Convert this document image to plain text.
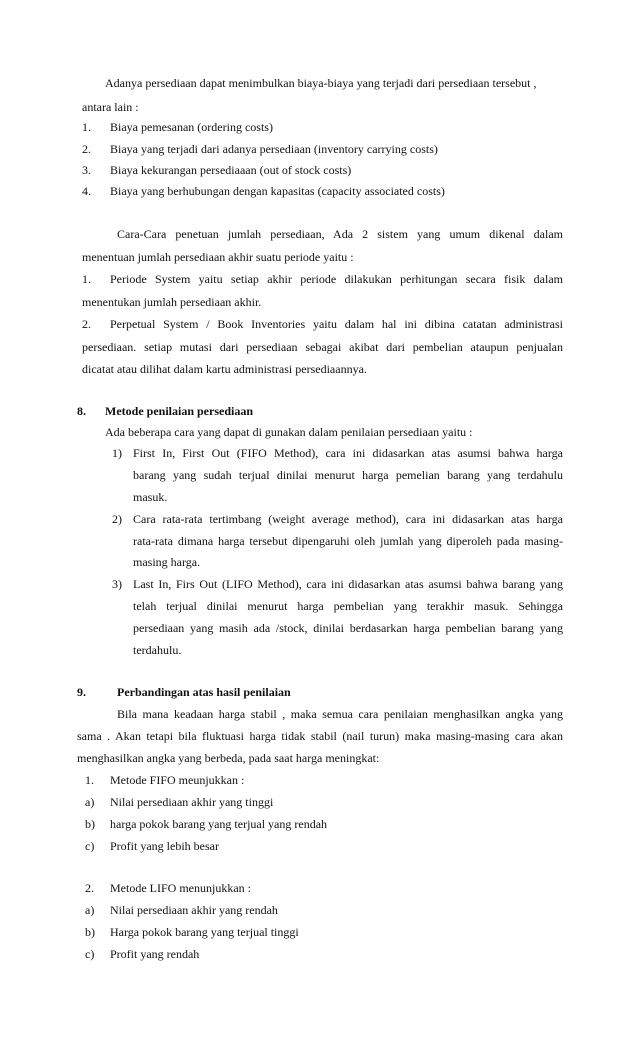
Adanya persediaan dapat menimbulkan biaya-biaya yang terjadi dari persediaan tersebut ,
antara lain :
1. Biaya pemesanan (ordering costs)
2. Biaya yang terjadi dari adanya persediaan (inventory carrying costs)
3. Biaya kekurangan persediaaan (out of stock costs)
4. Biaya yang berhubungan dengan kapasitas (capacity associated costs)
Cara-Cara penetuan jumlah persediaan, Ada 2 sistem yang umum dikenal dalam
menentuan jumlah persediaan akhir suatu periode yaitu :
1. Periode System yaitu setiap akhir periode dilakukan perhitungan secara fisik dalam
menentukan jumlah persediaan akhir.
2. Perpetual System / Book Inventories yaitu dalam hal ini dibina catatan administrasi
persediaan. setiap mutasi dari persediaan sebagai akibat dari pembelian ataupun penjualan
dicatat atau dilihat dalam kartu administrasi persediaannya.
8. Metode penilaian persediaan
Ada beberapa cara yang dapat di gunakan dalam penilaian persediaan yaitu :
1) First In, First Out (FIFO Method), cara ini didasarkan atas asumsi bahwa harga
barang yang sudah terjual dinilai menurut harga pemelian barang yang terdahulu
masuk.
2) Cara rata-rata tertimbang (weight average method), cara ini didasarkan atas harga
rata-rata dimana harga tersebut dipengaruhi oleh jumlah yang diperoleh pada masing-
masing harga.
3) Last In, Firs Out (LIFO Method), cara ini didasarkan atas asumsi bahwa barang yang
telah terjual dinilai menurut harga pembelian yang terakhir masuk. Sehingga
persediaan yang masih ada /stock, dinilai berdasarkan harga pembelian barang yang
terdahulu.
9.	Perbandingan atas hasil penilaian
Bila mana keadaan harga stabil , maka semua cara penilaian menghasilkan angka yang
sama . Akan tetapi bila fluktuasi harga tidak stabil (nail turun) maka masing-masing cara akan
menghasilkan angka yang berbeda, pada saat harga meningkat:
1. Metode FIFO meunjukkan :
a) Nilai persediaan akhir yang tinggi
b) harga pokok barang yang terjual yang rendah
c) Profit yang lebih besar
2. Metode LIFO menunjukkan :
a) Nilai persediaan akhir yang rendah
b) Harga pokok barang yang terjual tinggi
c) Profit yang rendah
